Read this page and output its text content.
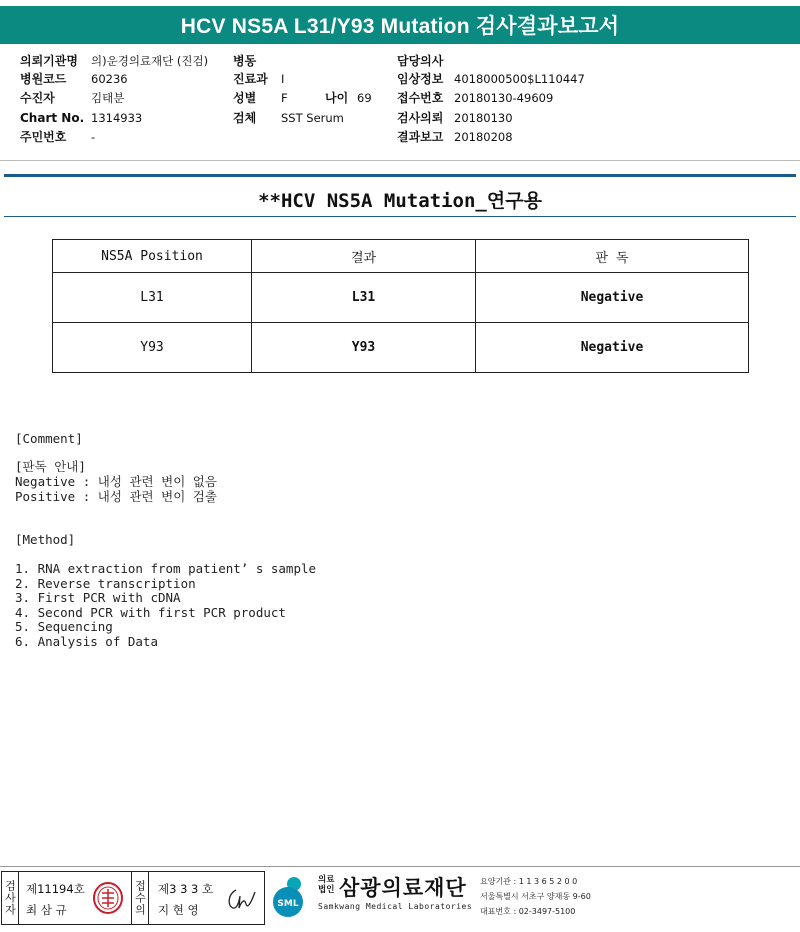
HCV NS5A L31/Y93 Mutation 검사결과보고서
의뢰기관명 의)운경의료재단 (진검) 병동	담당의사
병원코드 60236	진료과 I	임상정보 4018000500$L110447
수진자	김태분	성별 F	나이 69 접수번호 20180130-49609
Chart No. 1314933	검체 SST Serum	검사의뢰 20180130
주민번호 -	결과보고 20180208
**HCV NS5A Mutation_연구용
NS5A Position	결과	판 독
L31	L31	Negative
Y93	Y93	Negative
[Comment]
[판독 안내]
Negative : 내성 관련 변이 없음
Positive : 내성 관련 변이 검출
[Method]
1. RNA extraction from patient’ s sample
2. Reverse transcription
3. First PCR with cDNA
4. Second PCR with first PCR product
5. Sequencing
6. Analysis of Data
검사자 제11194호
최 삼 규	접수의 제3 3 3 호
지 현 영	SML
의료
법인 삼광의료재단
Samkwang Medical Laboratories
요양기관 : 1 1 3 6 5 2 0 0
서울특별시 서초구 양재동 9-60
대표번호 : 02-3497-5100
